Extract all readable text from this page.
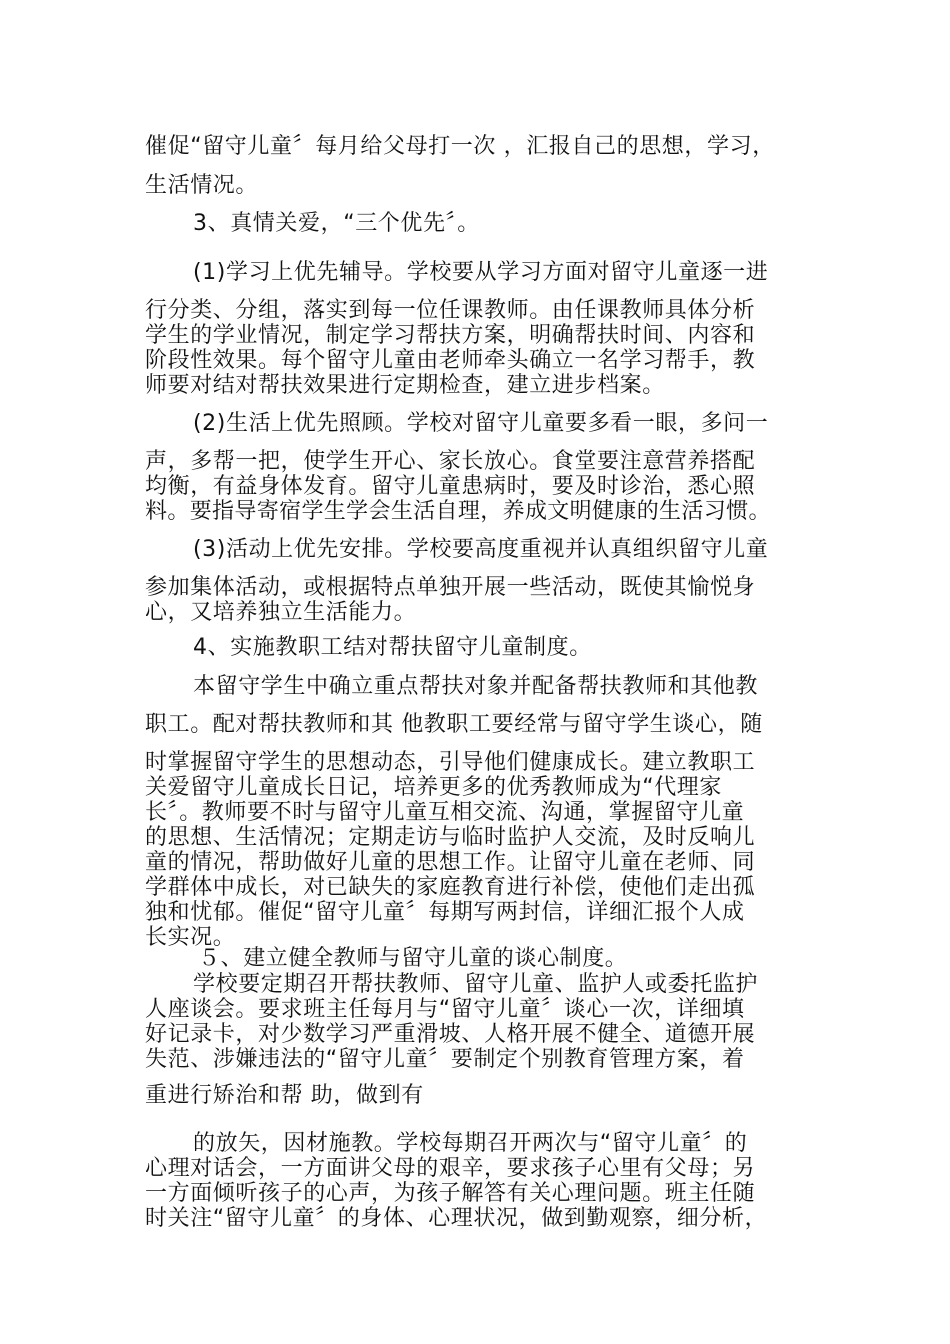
催促“留守儿童〞每月给父母打一次 ，汇报自己的思想，学习，
生活情况。
3、真情关爱，“三个优先〞。
(1)学习上优先辅导。学校要从学习方面对留守儿童逐一进
行分类、分组，落实到每一位任课教师。由任课教师具体分析
学生的学业情况，制定学习帮扶方案，明确帮扶时间、内容和
阶段性效果。每个留守儿童由老师牵头确立一名学习帮手，教
师要对结对帮扶效果进行定期检查，建立进步档案。
(2)生活上优先照顾。学校对留守儿童要多看一眼，多问一
声，多帮一把，使学生开心、家长放心。食堂要注意营养搭配
均衡，有益身体发育。留守儿童患病时，要及时诊治，悉心照
料。要指导寄宿学生学会生活自理，养成文明健康的生活习惯。
(3)活动上优先安排。学校要高度重视并认真组织留守儿童
参加集体活动，或根据特点单独开展一些活动，既使其愉悦身
心，又培养独立生活能力。
4、实施教职工结对帮扶留守儿童制度。
本留守学生中确立重点帮扶对象并配备帮扶教师和其他教
职工。配对帮扶教师和其 他教职工要经常与留守学生谈心，随
时掌握留守学生的思想动态，引导他们健康成长。建立教职工
关爱留守儿童成长日记，培养更多的优秀教师成为“代理家
长〞。教师要不时与留守儿童互相交流、沟通，掌握留守儿童
的思想、生活情况；定期走访与临时监护人交流，及时反响儿
童的情况，帮助做好儿童的思想工作。让留守儿童在老师、同
学群体中成长，对已缺失的家庭教育进行补偿，使他们走出孤
独和忧郁。催促“留守儿童〞每期写两封信，详细汇报个人成
长实况。
５、建立健全教师与留守儿童的谈心制度。
学校要定期召开帮扶教师、留守儿童、监护人或委托监护
人座谈会。要求班主任每月与“留守儿童〞谈心一次，详细填
好记录卡，对少数学习严重滑坡、人格开展不健全、道德开展
失范、涉嫌违法的“留守儿童〞要制定个别教育管理方案，着
重进行矫治和帮 助，做到有
的放矢，因材施教。学校每期召开两次与“留守儿童〞的
心理对话会，一方面讲父母的艰辛，要求孩子心里有父母；另
一方面倾听孩子的心声，为孩子解答有关心理问题。班主任随
时关注“留守儿童〞的身体、心理状况，做到勤观察，细分析，
